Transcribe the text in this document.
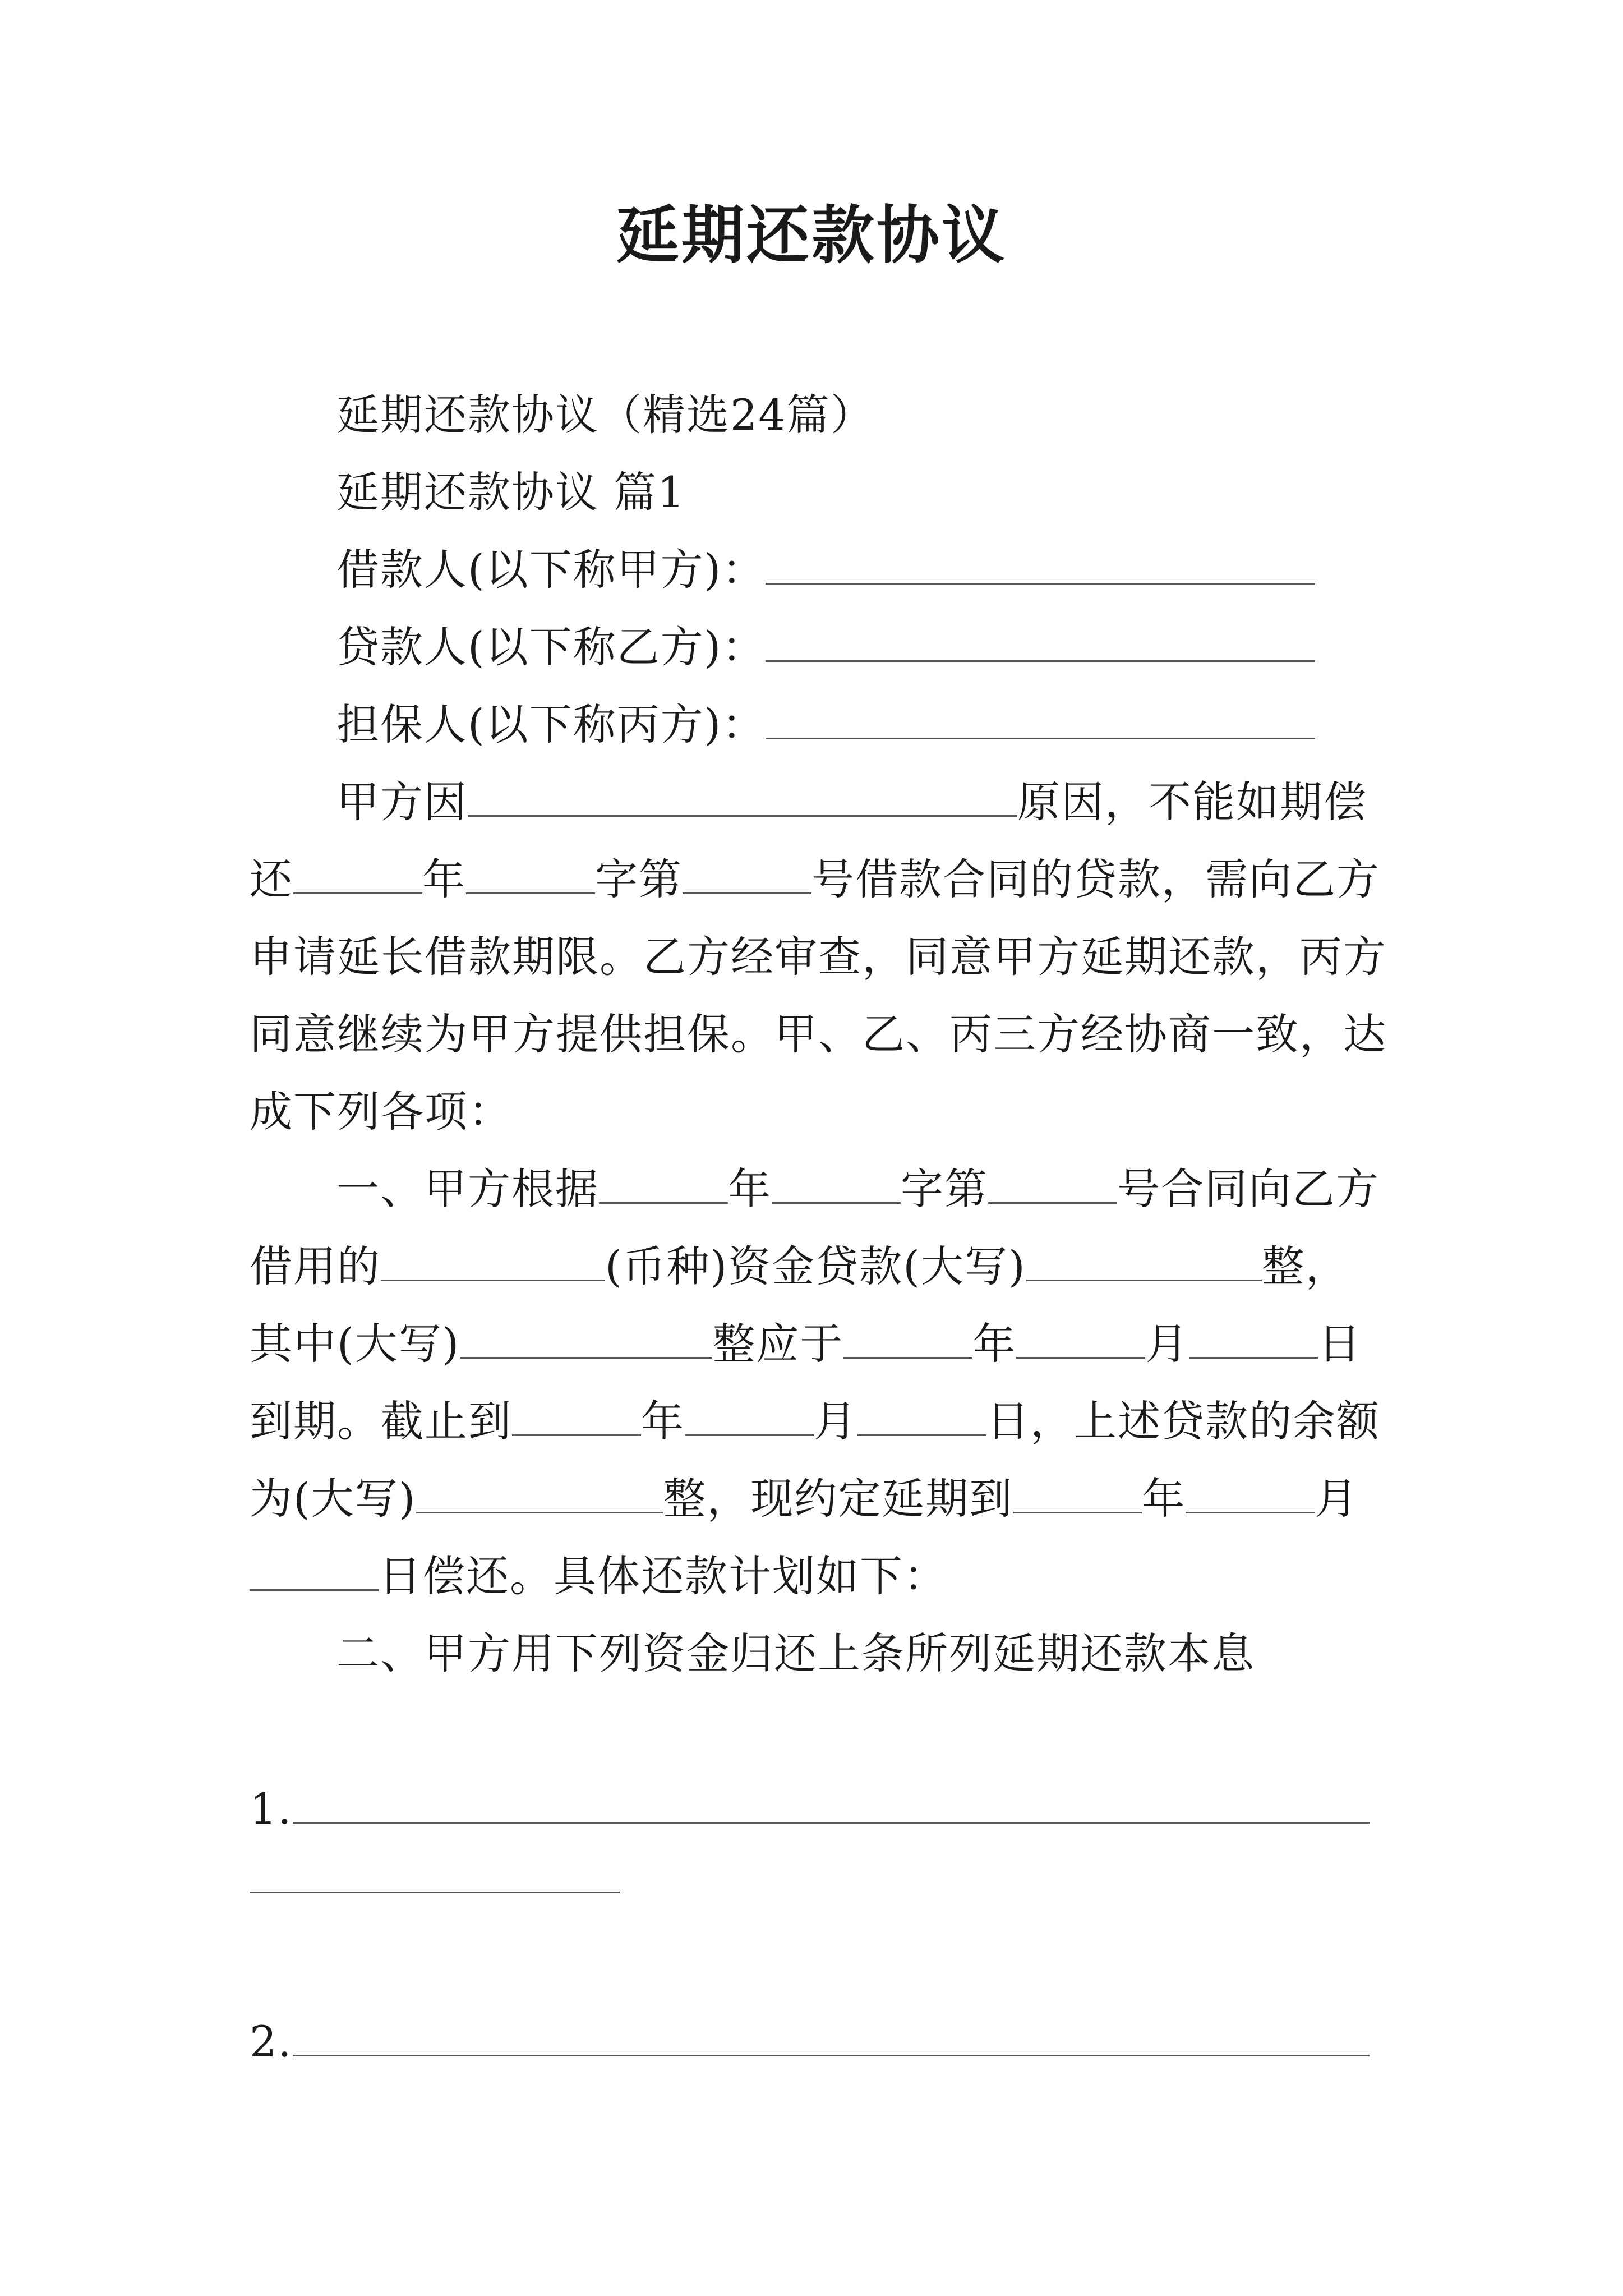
延期还款协议
延期还款协议（精选24篇）
延期还款协议 篇1
借款人(以下称甲方)：
贷款人(以下称乙方)：
担保人(以下称丙方)：
甲方因	原因，不能如期偿
还	年	字第	号借款合同的贷款，需向乙方
申请延长借款期限。乙方经审查，同意甲方延期还款，丙方
同意继续为甲方提供担保。甲、乙、丙三方经协商一致，达
成下列各项：
一、甲方根据	年	字第	号合同向乙方
借用的	(币种)资金贷款(大写)	整，
其中(大写)	整应于	年	月	日
到期。截止到	年	月	日，上述贷款的余额
为(大写)	整，现约定延期到	年	月
日偿还。具体还款计划如下：
二、甲方用下列资金归还上条所列延期还款本息
1.
2.
